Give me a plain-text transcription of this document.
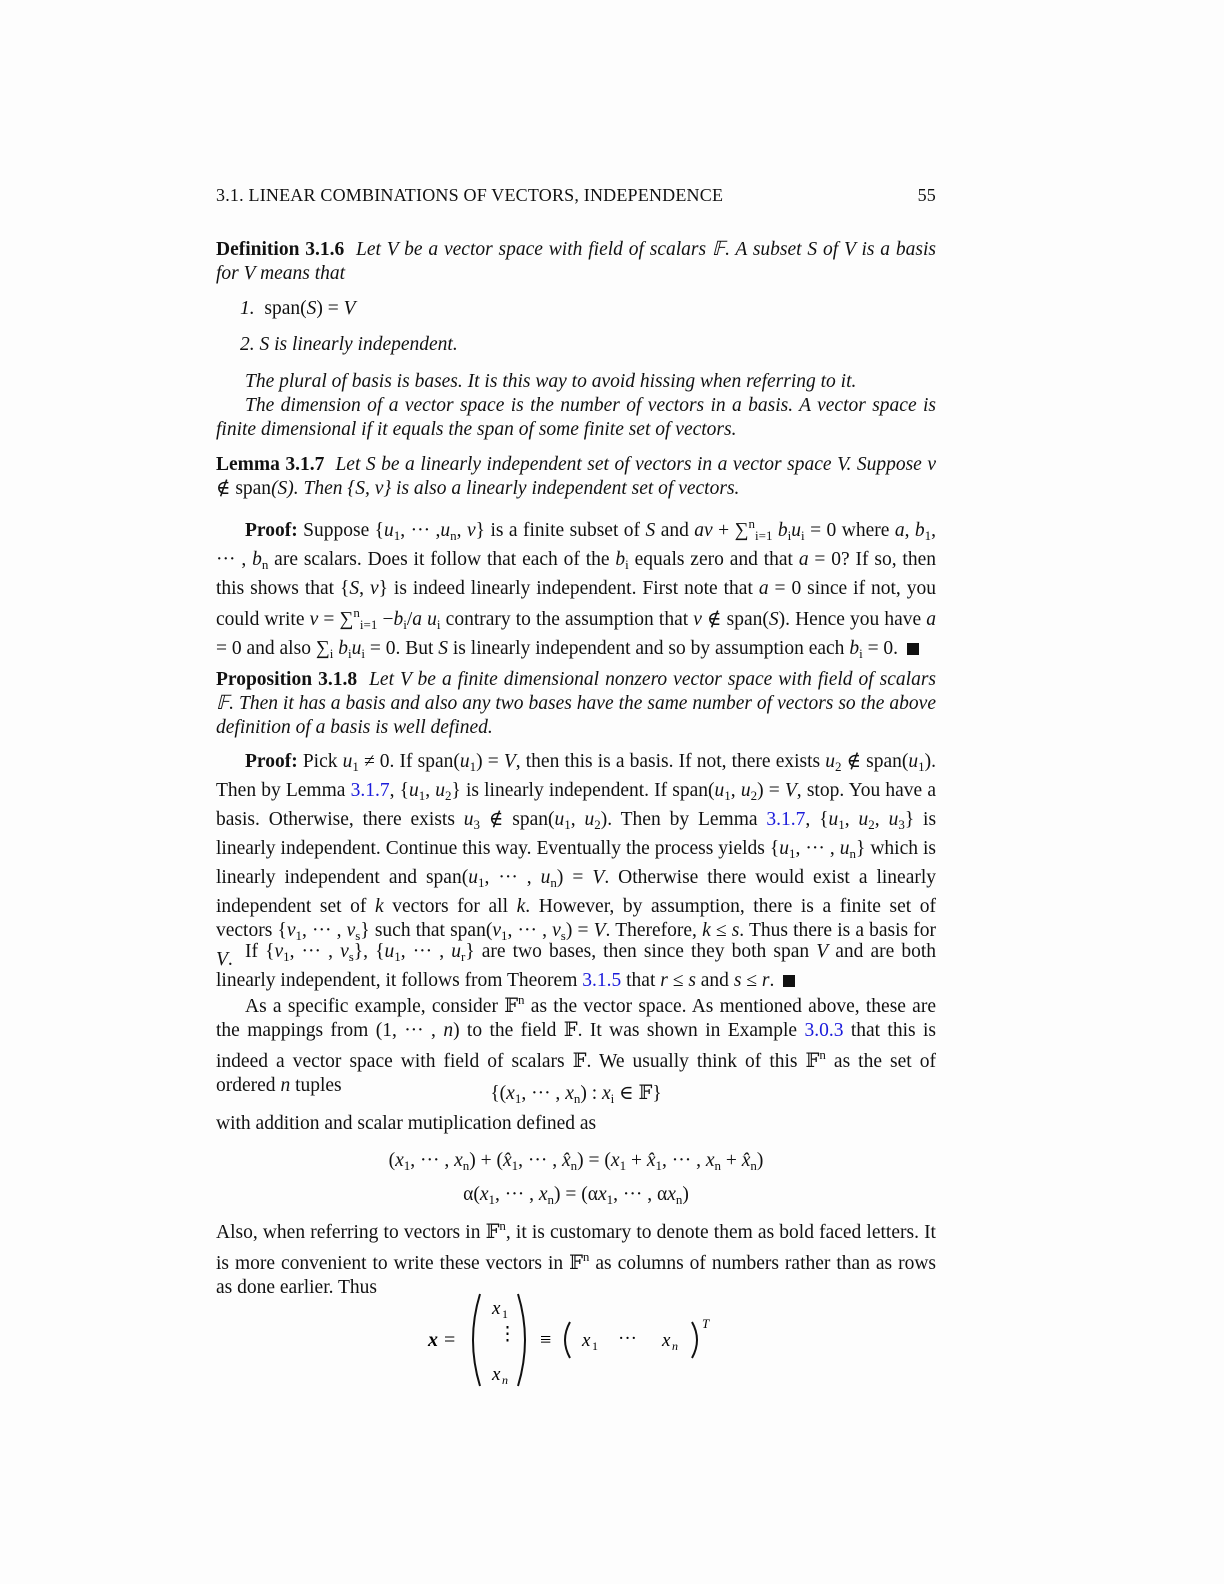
3.1. LINEAR COMBINATIONS OF VECTORS, INDEPENDENCE	55
Definition 3.1.6 Let V be a vector space with field of scalars 𝔽. A subset S of V is a basis for V means that
1.  span(S) = V
2. S is linearly independent.
The plural of basis is bases. It is this way to avoid hissing when referring to it.
The dimension of a vector space is the number of vectors in a basis. A vector space is finite dimensional if it equals the span of some finite set of vectors.
Lemma 3.1.7 Let S be a linearly independent set of vectors in a vector space V. Suppose v ∉ span(S). Then {S, v} is also a linearly independent set of vectors.
Proof: Suppose {$u_1$, ··· $,u_n$, v} is a finite subset of S and av + ∑$^n_{i=1}$ $b_iu_i = 0$ where a, $b_1$, ··· , $b_n$ are scalars. Does it follow that each of the $b_i$ equals zero and that a = 0? If so, then this shows that {S, v} is indeed linearly independent. First note that a = 0 since if not, you could write $v = \sum^n_{i=1} -b_i/a$ $u_i$ contrary to the assumption that v ∉ span(S). Hence you have a = 0 and also $\sum_i$ $b_iu_i = 0$. But S is linearly independent and so by assumption each $b_i = 0$.
Proposition 3.1.8 Let V be a finite dimensional nonzero vector space with field of scalars 𝔽. Then it has a basis and also any two bases have the same number of vectors so the above definition of a basis is well defined.
Proof: Pick $u_1 \ne 0$. If $span(u_1) = V$, then this is a basis. If not, there exists $u_2$ ∉ $span(u_1)$. Then by Lemma 3.1.7, {$u_1$, $u_2$} is linearly independent. If $span(u_1$, $u_2) = V$, stop. You have a basis. Otherwise, there exists $u_3$ ∉ $span(u_1$, $u_2$). Then by Lemma 3.1.7, {$u_1$, $u_2$, $u_3$} is linearly independent. Continue this way. Eventually the process yields {$u_1$, ··· , $u_n$} which is linearly independent and $span(u_1$, ··· , $u_n) = V$. Otherwise there would exist a linearly independent set of k vectors for all k. However, by assumption, there is a finite set of vectors {$v_1$, ··· , $v_s$} such that $span(v_1$, ··· , $v_s) = V$. Therefore, k ≤ s. Thus there is a basis for V. If {$v_1$, ··· , $v_s$}, {$u_1$, ··· , $u_r$} are two bases, then since they both span V and are both linearly independent, it follows from Theorem 3.1.5 that r ≤ s and s ≤ r.
As a specific example, consider 𝔽$^n$ as the vector space. As mentioned above, these are the mappings from (1, ··· , n) to the field 𝔽. It was shown in Example 3.0.3 that this is indeed a vector space with field of scalars 𝔽. We usually think of this 𝔽$^n$ as the set of ordered n tuples	{($x_1$, ··· , $x_n$) : $x_i$ ∈ 𝔽}
with addition and scalar mutiplication defined as
($x_1$, ··· , $x_n$) + ($x̂_1$, ··· , $x̂_n) = (x_1$ + $x̂_1$, ··· , $x_n$ + $x̂_n$)
$\alpha(x_1$, ··· , $x_n) = (\alpha x_1$, ··· , $\alpha x_n$)
Also, when referring to vectors in 𝔽$^n$, it is customary to denote them as bold faced letters. It is more convenient to write these vectors in 𝔽$^n$ as columns of numbers rather than as rows as done earlier. Thus
x =
x 1
⋮
x n
≡ x 1 ··· x n
T
